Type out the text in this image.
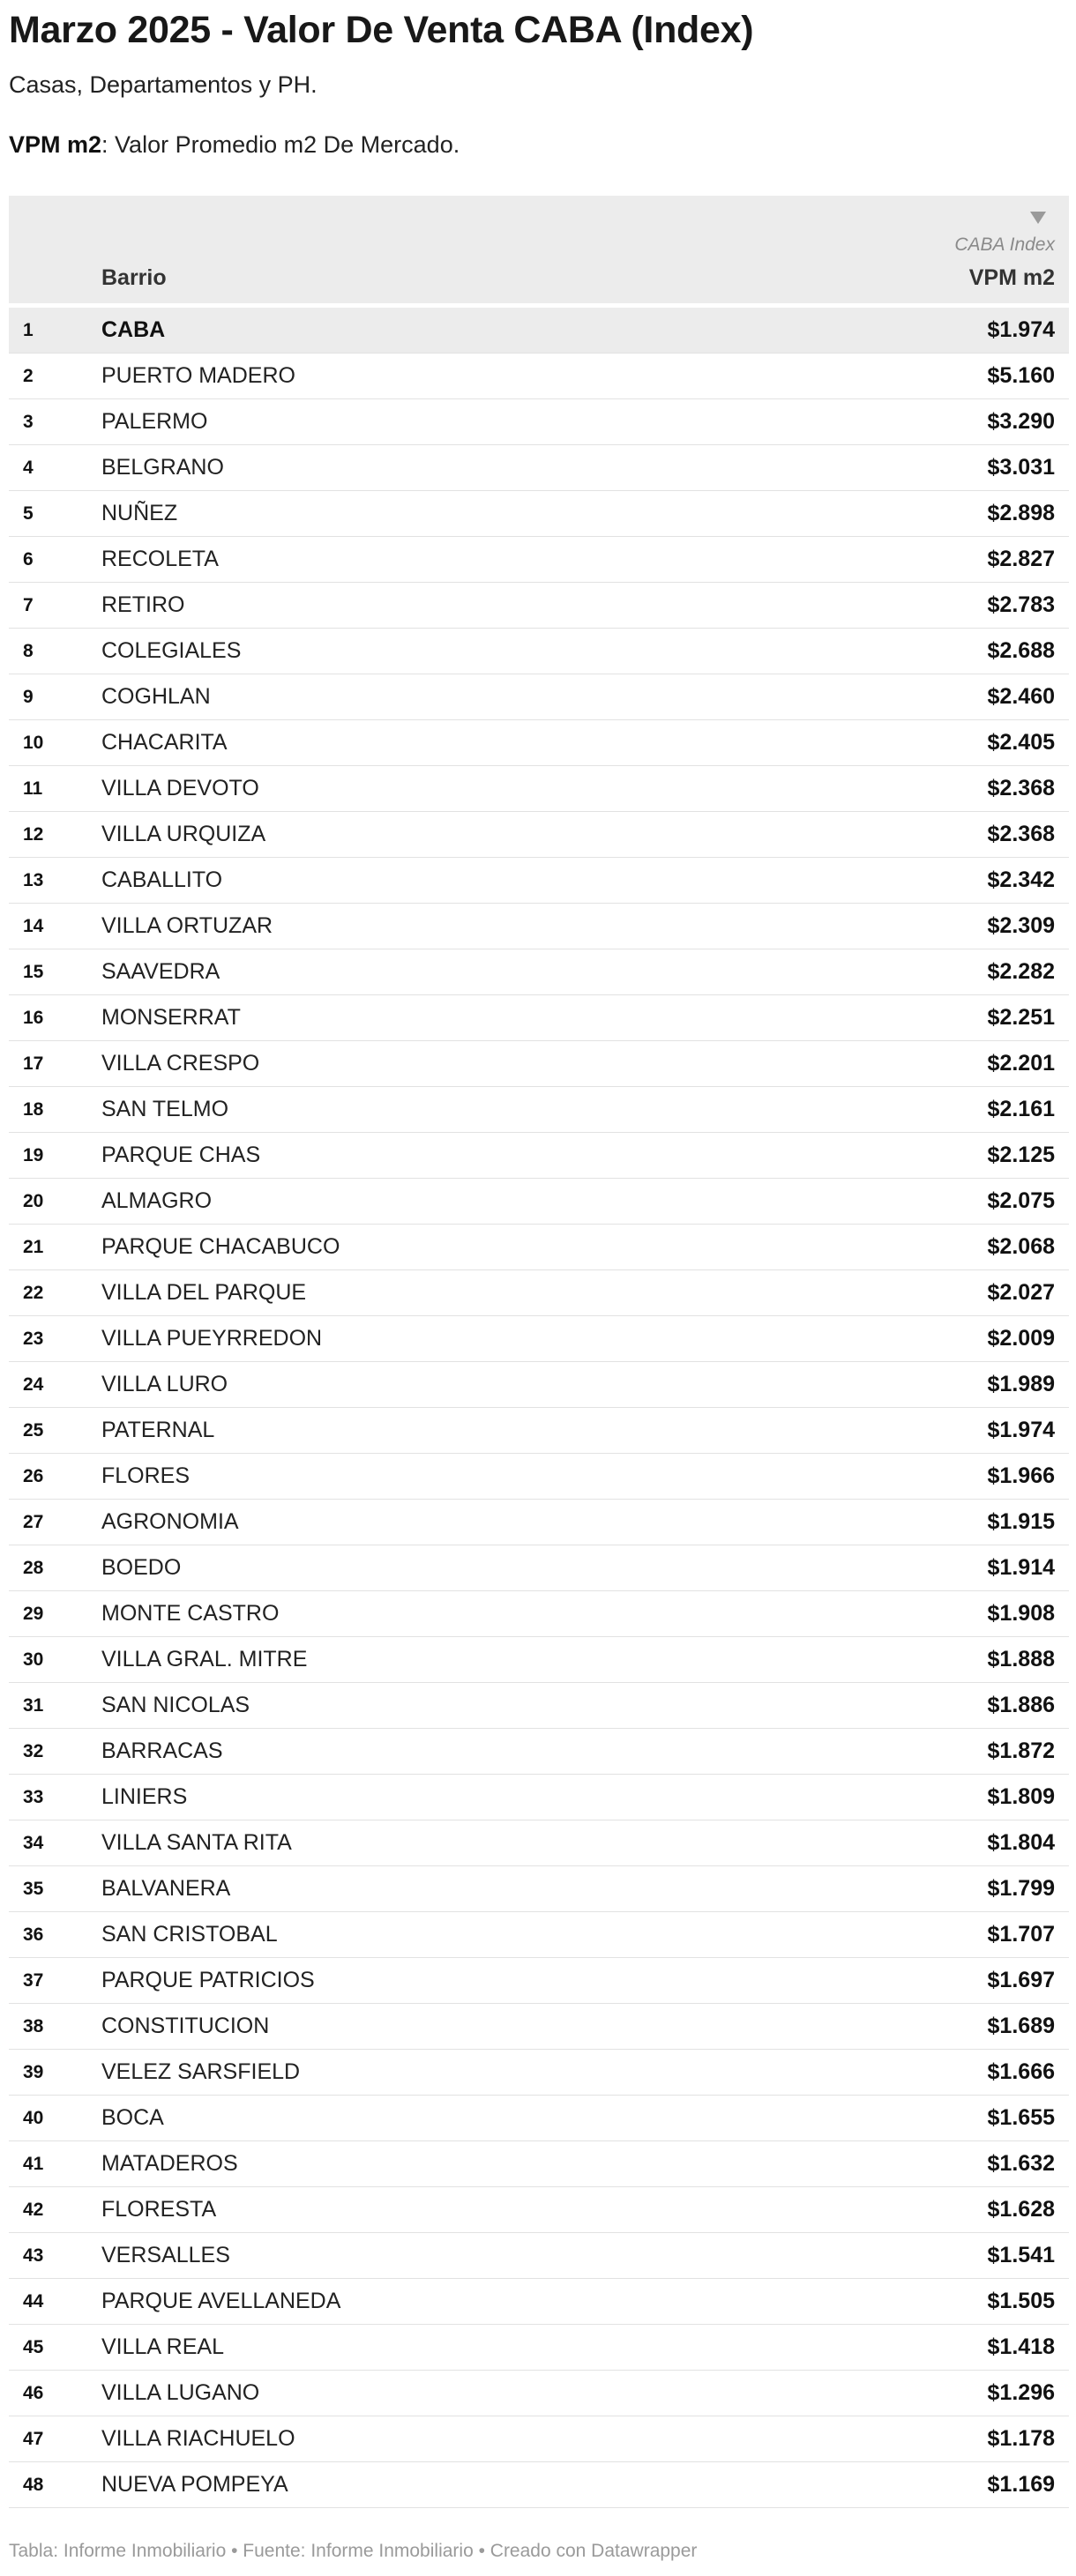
Marzo 2025 - Valor De Venta CABA (Index)

Casas, Departamentos y PH.

VPM m2: Valor Promedio m2 De Mercado.

Barrio
CABA Index
VPM m2
1	CABA	$1.974
2	PUERTO MADERO	$5.160
3	PALERMO	$3.290
4	BELGRANO	$3.031
5	NUÑEZ	$2.898
6	RECOLETA	$2.827
7	RETIRO	$2.783
8	COLEGIALES	$2.688
9	COGHLAN	$2.460
10	CHACARITA	$2.405
11	VILLA DEVOTO	$2.368
12	VILLA URQUIZA	$2.368
13	CABALLITO	$2.342
14	VILLA ORTUZAR	$2.309
15	SAAVEDRA	$2.282
16	MONSERRAT	$2.251
17	VILLA CRESPO	$2.201
18	SAN TELMO	$2.161
19	PARQUE CHAS	$2.125
20	ALMAGRO	$2.075
21	PARQUE CHACABUCO	$2.068
22	VILLA DEL PARQUE	$2.027
23	VILLA PUEYRREDON	$2.009
24	VILLA LURO	$1.989
25	PATERNAL	$1.974
26	FLORES	$1.966
27	AGRONOMIA	$1.915
28	BOEDO	$1.914
29	MONTE CASTRO	$1.908
30	VILLA GRAL. MITRE	$1.888
31	SAN NICOLAS	$1.886
32	BARRACAS	$1.872
33	LINIERS	$1.809
34	VILLA SANTA RITA	$1.804
35	BALVANERA	$1.799
36	SAN CRISTOBAL	$1.707
37	PARQUE PATRICIOS	$1.697
38	CONSTITUCION	$1.689
39	VELEZ SARSFIELD	$1.666
40	BOCA	$1.655
41	MATADEROS	$1.632
42	FLORESTA	$1.628
43	VERSALLES	$1.541
44	PARQUE AVELLANEDA	$1.505
45	VILLA REAL	$1.418
46	VILLA LUGANO	$1.296
47	VILLA RIACHUELO	$1.178
48	NUEVA POMPEYA	$1.169

Tabla: Informe Inmobiliario • Fuente: Informe Inmobiliario • Creado con Datawrapper
